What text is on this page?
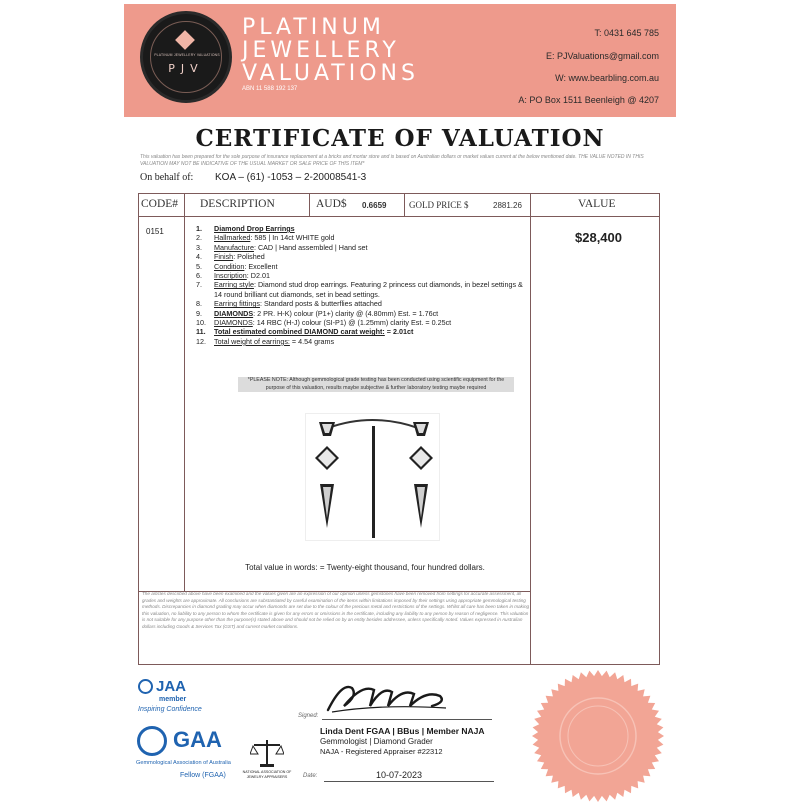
PLATINUM JEWELLERY VALUATIONS
PJV
PLATINUM
JEWELLERY
VALUATIONS
ABN 11 588 192 137
T: 0431 645 785
E: PJValuations@gmail.com
W: www.bearbling.com.au
A: PO Box 1511 Beenleigh @ 4207
CERTIFICATE OF VALUATION
This valuation has been prepared for the sole purpose of insurance replacement at a bricks and mortar store and is based on Australian dollars or market values current at the below mentioned date. THE VALUE NOTED IN THIS VALUATION MAY NOT BE INDICATIVE OF THE USUAL MARKET OR SALE PRICE OF THIS ITEM*
On behalf of: KOA – (61) -1053 – 2-20008541-3
CODE# DESCRIPTION	AUD$ 0.6659	GOLD PRICE $	2881.26	VALUE
0151	$28,400
1.	Diamond Drop Earrings
2.	Hallmarked: 585 | In 14ct WHITE gold
3.	Manufacture: CAD | Hand assembled | Hand set
4.	Finish: Polished
5.	Condition: Excellent
6.	Inscription: D2.01
7.	Earring style: Diamond stud drop earrings. Featuring 2 princess cut diamonds, in bezel settings & 14 round brilliant cut diamonds, set in bead settings.
8.	Earring fittings: Standard posts & butterflies attached
9.	DIAMONDS: 2 PR. H-K) colour (P1+) clarity @ (4.80mm) Est. = 1.76ct
10.	DIAMONDS: 14 RBC (H-J) colour (SI-P1) @ (1.25mm) clarity Est. = 0.25ct
11.	Total estimated combined DIAMOND carat weight: = 2.01ct
12.	Total weight of earrings: = 4.54 grams
*PLEASE NOTE: Although gemmological grade testing has been conducted using scientific equipment for the purpose of this valuation, results maybe subjective & further laboratory testing maybe required
Total value in words: = Twenty-eight thousand, four hundred dollars.
The articles described above have been examined and the values given are an expression of our opinion unless gemstones have been removed from settings for accurate assessment, all grades and weights are approximate. All conclusions are substantiated by careful examination of the items within limitations imposed by their settings using appropriate gemmological testing methods. Discrepancies in diamond grading may occur when diamonds are set due to the colour of the precious metal and restrictions of the settings. Whilst all care has been taken in making this valuation, no liability to any person to whom the certificate is given for any errors or omissions in the certificate, including any liability to any person by reason of negligence. This valuation is not suitable for any purpose other than the purpose(s) stated above and should not be relied on by an entity besides addressee, unless specifically noted. Values expressed in Australian dollars including Goods & Services Tax (GST) and current market conditions.
JAA
member
Inspiring Confidence
GAA
Gemmological Association of Australia
Fellow (FGAA)	NATIONAL ASSOCIATION OF JEWELRY APPRAISERS
Signed:
Linda Dent FGAA | BBus | Member NAJA
Gemmologist | Diamond Grader
NAJA - Registered Appraiser #22312
Date:	10-07-2023
